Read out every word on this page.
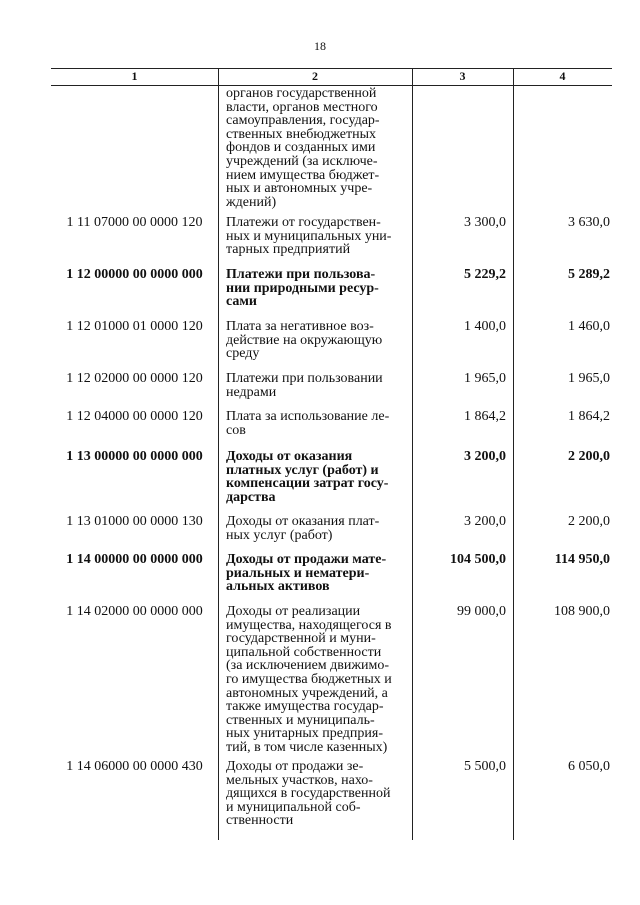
18
1	2	3	4
органов государственной
власти, органов местного
самоуправления, государ-
ственных внебюджетных
фондов и созданных ими
учреждений (за исключе-
нием имущества бюджет-
ных и автономных учре-
ждений)
1 11 07000 00 0000 120	Платежи от государствен-
ных и муниципальных уни-
тарных предприятий
3 300,0	3 630,0
1 12 00000 00 0000 000	Платежи при пользова-
нии природными ресур-
сами
5 229,2	5 289,2
1 12 01000 01 0000 120	Плата за негативное воз-
действие на окружающую
среду
1 400,0	1 460,0
1 12 02000 00 0000 120	Платежи при пользовании
недрами
1 965,0	1 965,0
1 12 04000 00 0000 120	Плата за использование ле-
сов
1 864,2	1 864,2
1 13 00000 00 0000 000	Доходы от оказания
платных услуг (работ) и
компенсации затрат госу-
дарства
3 200,0	2 200,0
1 13 01000 00 0000 130	Доходы от оказания плат-
ных услуг (работ)
3 200,0	2 200,0
1 14 00000 00 0000 000	Доходы от продажи мате-
риальных и нематери-
альных активов
104 500,0	114 950,0
1 14 02000 00 0000 000	Доходы от реализации
имущества, находящегося в
государственной и муни-
ципальной собственности
(за исключением движимо-
го имущества бюджетных и
автономных учреждений, а
также имущества государ-
ственных и муниципаль-
ных унитарных предприя-
тий, в том числе казенных)
99 000,0	108 900,0
1 14 06000 00 0000 430	Доходы от продажи зе-
мельных участков, нахо-
дящихся в государственной
и муниципальной соб-
ственности
5 500,0	6 050,0
